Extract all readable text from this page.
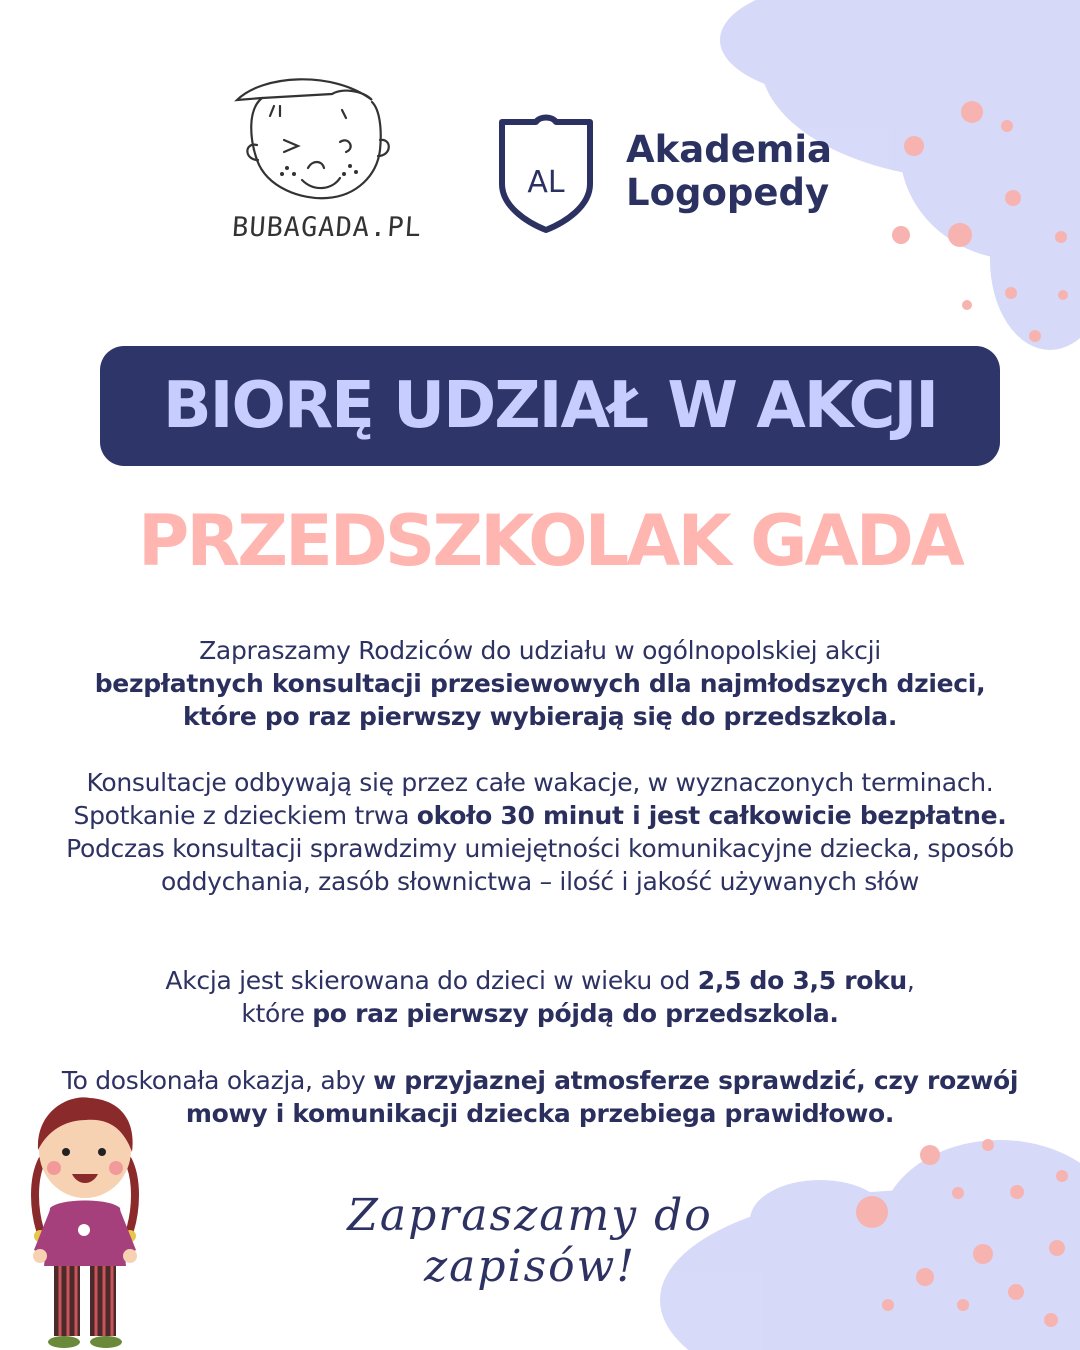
BUBAGADA.PL
AL
Akademia
Logopedy
BIORĘ UDZIAŁ W AKCJI
PRZEDSZKOLAK GADA
Zapraszamy Rodziców do udziału w ogólnopolskiej akcji
bezpłatnych konsultacji przesiewowych dla najmłodszych dzieci, które po raz pierwszy wybierają się do przedszkola.
Konsultacje odbywają się przez całe wakacje, w wyznaczonych terminach. Spotkanie z dzieckiem trwa około 30 minut i jest całkowicie bezpłatne. Podczas konsultacji sprawdzimy umiejętności komunikacyjne dziecka, sposób oddychania, zasób słownictwa – ilość i jakość używanych słów
Akcja jest skierowana do dzieci w wieku od 2,5 do 3,5 roku,
które po raz pierwszy pójdą do przedszkola.
To doskonała okazja, aby w przyjaznej atmosferze sprawdzić, czy rozwój mowy i komunikacji dziecka przebiega prawidłowo.
Zapraszamy do zapisów!
